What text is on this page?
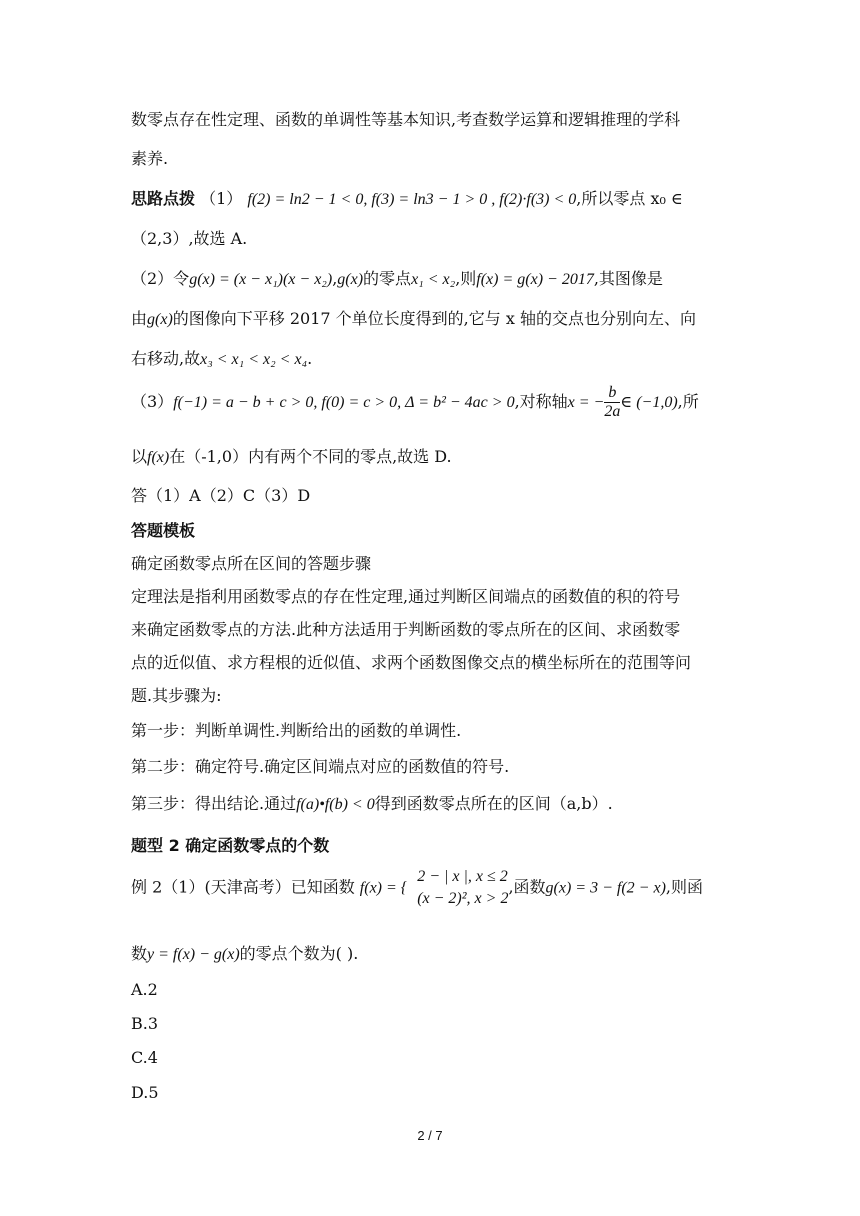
数零点存在性定理、函数的单调性等基本知识,考查数学运算和逻辑推理的学科
素养.
思路点拨 （1） f(2) = ln2 − 1 < 0, f(3) = ln3 − 1 > 0 , f(2)·f(3) < 0,所以零点 x₀ ∈
（2,3）,故选 A.
（2）令g(x) = (x − x₁)(x − x₂),g(x)的零点x₁ < x₂,则f(x) = g(x) − 2017,其图像是
由g(x)的图像向下平移 2017 个单位长度得到的,它与 x 轴的交点也分别向左、向
右移动,故x₃ < x₁ < x₂ < x₄.
（3）f(−1) = a − b + c > 0, f(0) = c > 0, Δ = b² − 4ac > 0,对称轴x = − $\frac{b}{2a}$ ∈ (−1,0),所
以f(x)在（-1,0）内有两个不同的零点,故选 D.
答（1）A（2）C（3）D
答题模板
确定函数零点所在区间的答题步骤
定理法是指利用函数零点的存在性定理,通过判断区间端点的函数值的积的符号
来确定函数零点的方法.此种方法适用于判断函数的零点所在的区间、求函数零
点的近似值、求方程根的近似值、求两个函数图像交点的横坐标所在的范围等问
题.其步骤为:
第一步：判断单调性.判断给出的函数的单调性.
第二步：确定符号.确定区间端点对应的函数值的符号.
第三步：得出结论.通过f(a)•f(b) < 0得到函数零点所在的区间（a,b）.
题型 2 确定函数零点的个数
例 2（1）(天津高考）已知函数 f(x) = {
2 − | x |, x ≤ 2
(x − 2)², x > 2
,函数g(x) = 3 − f(2 − x),则函
数y = f(x) − g(x)的零点个数为( ).
A.2
B.3
C.4
D.5
2 / 7
